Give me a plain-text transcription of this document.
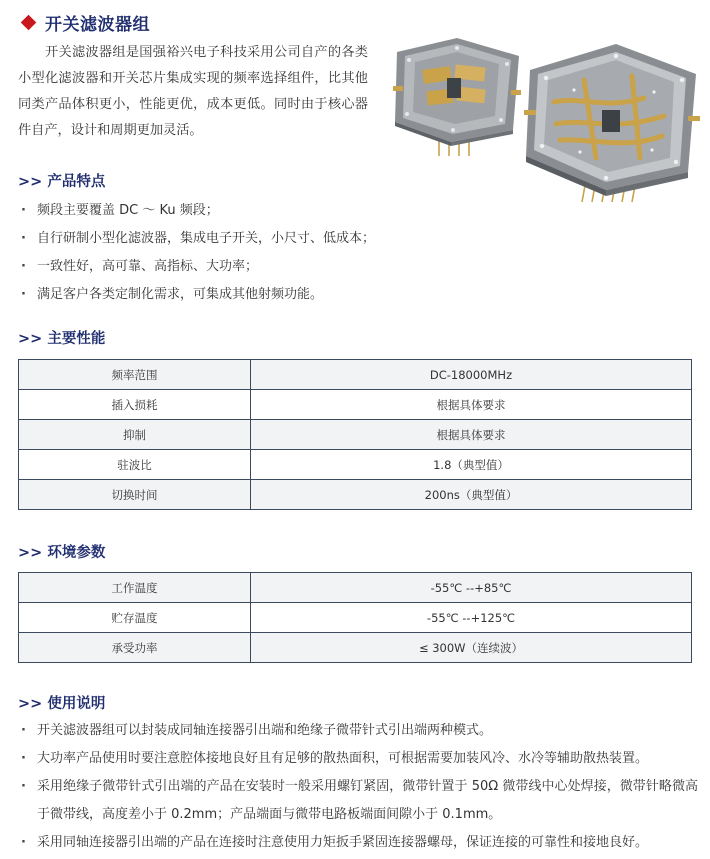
开关滤波器组
开关滤波器组是国强裕兴电子科技采用公司自产的各类小型化滤波器和开关芯片集成实现的频率选择组件，比其他同类产品体积更小，性能更优，成本更低。同时由于核心器件自产，设计和周期更加灵活。
>> 产品特点
· 频段主要覆盖 DC ～ Ku 频段；
· 自行研制小型化滤波器，集成电子开关，小尺寸、低成本；
· 一致性好，高可靠、高指标、大功率；
· 满足客户各类定制化需求，可集成其他射频功能。
>> 主要性能
频率范围	DC-18000MHz
插入损耗	根据具体要求
抑制	根据具体要求
驻波比	1.8（典型值）
切换时间	200ns（典型值）
>> 环境参数
工作温度	-55℃ --+85℃
贮存温度	-55℃ --+125℃
承受功率	≤ 300W（连续波）
>> 使用说明
· 开关滤波器组可以封装成同轴连接器引出端和绝缘子微带针式引出端两种模式。
· 大功率产品使用时要注意腔体接地良好且有足够的散热面积，可根据需要加装风冷、水冷等辅助散热装置。
· 采用绝缘子微带针式引出端的产品在安装时一般采用螺钉紧固，微带针置于 50Ω 微带线中心处焊接，微带针略微高于微带线，高度差小于 0.2mm；产品端面与微带电路板端面间隙小于 0.1mm。
· 采用同轴连接器引出端的产品在连接时注意使用力矩扳手紧固连接器螺母，保证连接的可靠性和接地良好。
